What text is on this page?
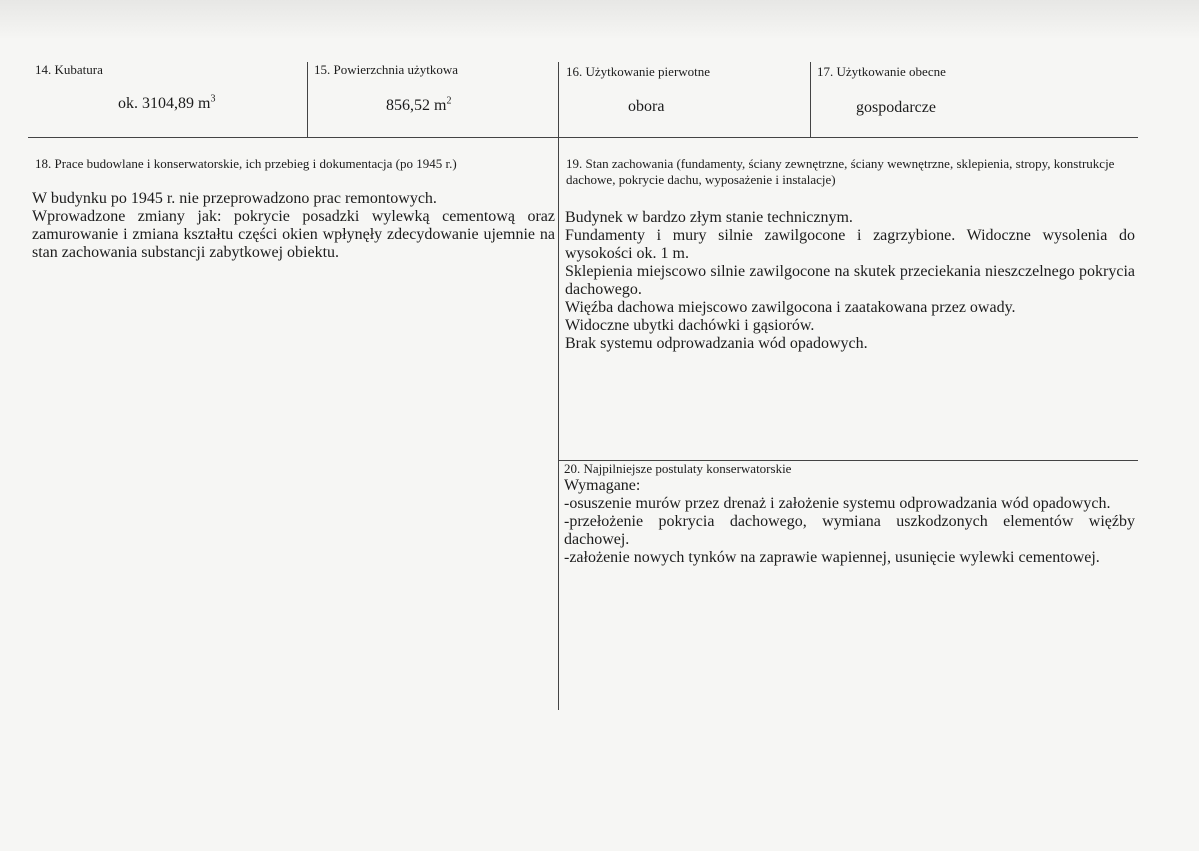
14. Kubatura
ok. 3104,89 $m^3$
15. Powierzchnia użytkowa
856,52 $m^2$
16. Użytkowanie pierwotne
obora
17. Użytkowanie obecne
gospodarcze
18. Prace budowlane i konserwatorskie, ich przebieg i dokumentacja (po 1945 r.)

W budynku po 1945 r. nie przeprowadzono prac remontowych.

Wprowadzone zmiany jak: pokrycie posadzki wylewką cementową oraz zamurowanie i zmiana kształtu części okien wpłynęły zdecydowanie ujemnie na stan zachowania substancji zabytkowej obiektu.

19. Stan zachowania (fundamenty, ściany zewnętrzne, ściany wewnętrzne, sklepienia, stropy, konstrukcje dachowe, pokrycie dachu, wyposażenie i instalacje)

Budynek w bardzo złym stanie technicznym.

Fundamenty i mury silnie zawilgocone i zagrzybione. Widoczne wysolenia do wysokości ok. 1 m.

Sklepienia miejscowo silnie zawilgocone na skutek przeciekania nieszczelnego pokrycia dachowego.

Więźba dachowa miejscowo zawilgocona i zaatakowana przez owady.

Widoczne ubytki dachówki i gąsiorów.

Brak systemu odprowadzania wód opadowych.

20. Najpilniejsze postulaty konserwatorskie

Wymagane:

-osuszenie murów przez drenaż i założenie systemu odprowadzania wód opadowych.

-przełożenie pokrycia dachowego, wymiana uszkodzonych elementów więźby dachowej.

-założenie nowych tynków na zaprawie wapiennej, usunięcie wylewki cementowej.
